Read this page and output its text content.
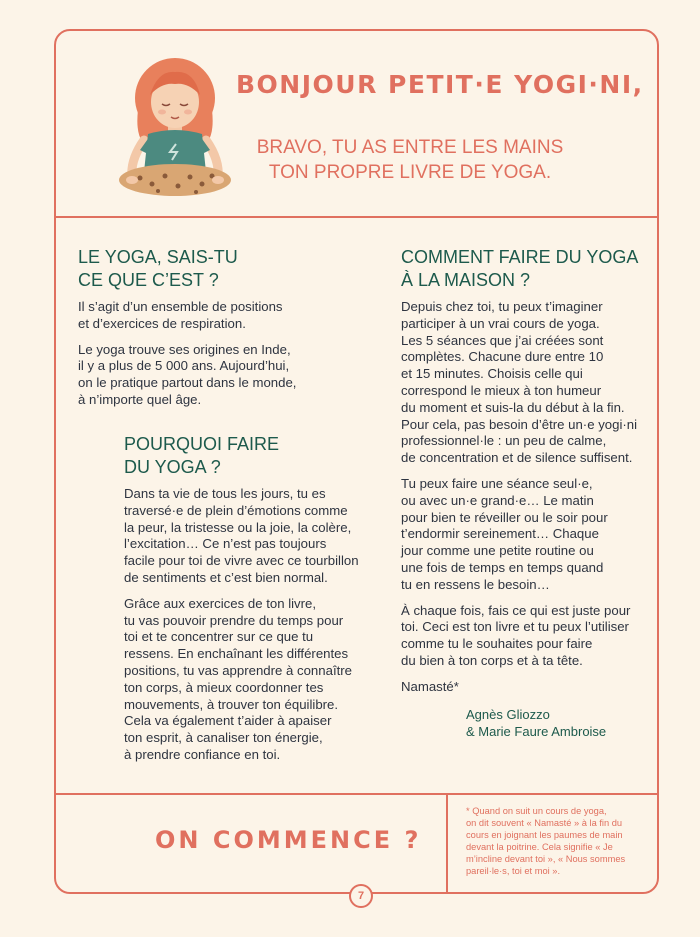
BONJOUR PETIT·E YOGI·NI,
BRAVO, TU AS ENTRE LES MAINS TON PROPRE LIVRE DE YOGA.
LE YOGA, SAIS-TU
CE QUE C’EST ?

Il s’agit d’un ensemble de positions
et d’exercices de respiration.

Le yoga trouve ses origines en Inde,
il y a plus de 5 000 ans. Aujourd’hui,
on le pratique partout dans le monde,
à n’importe quel âge.

POURQUOI FAIRE
DU YOGA ?

Dans ta vie de tous les jours, tu es
traversé·e de plein d’émotions comme
la peur, la tristesse ou la joie, la colère,
l’excitation… Ce n’est pas toujours
facile pour toi de vivre avec ce tourbillon
de sentiments et c’est bien normal.

Grâce aux exercices de ton livre,
tu vas pouvoir prendre du temps pour
toi et te concentrer sur ce que tu
ressens. En enchaînant les différentes
positions, tu vas apprendre à connaître
ton corps, à mieux coordonner tes
mouvements, à trouver ton équilibre.
Cela va également t’aider à apaiser
ton esprit, à canaliser ton énergie,
à prendre confiance en toi.

COMMENT FAIRE DU YOGA
À LA MAISON ?

Depuis chez toi, tu peux t’imaginer
participer à un vrai cours de yoga.
Les 5 séances que j’ai créées sont
complètes. Chacune dure entre 10
et 15 minutes. Choisis celle qui
correspond le mieux à ton humeur
du moment et suis-la du début à la fin.
Pour cela, pas besoin d’être un·e yogi·ni
professionnel·le : un peu de calme,
de concentration et de silence suffisent.

Tu peux faire une séance seul·e,
ou avec un·e grand·e… Le matin
pour bien te réveiller ou le soir pour
t’endormir sereinement… Chaque
jour comme une petite routine ou
une fois de temps en temps quand
tu en ressens le besoin…

À chaque fois, fais ce qui est juste pour
toi. Ceci est ton livre et tu peux l’utiliser
comme tu le souhaites pour faire
du bien à ton corps et à ta tête.

Namasté*

Agnès Gliozzo
& Marie Faure Ambroise
ON COMMENCE ?
* Quand on suit un cours de yoga,
on dit souvent « Namasté » à la fin du
cours en joignant les paumes de main
devant la poitrine. Cela signifie « Je
m’incline devant toi », « Nous sommes
pareil·le·s, toi et moi ».
7
